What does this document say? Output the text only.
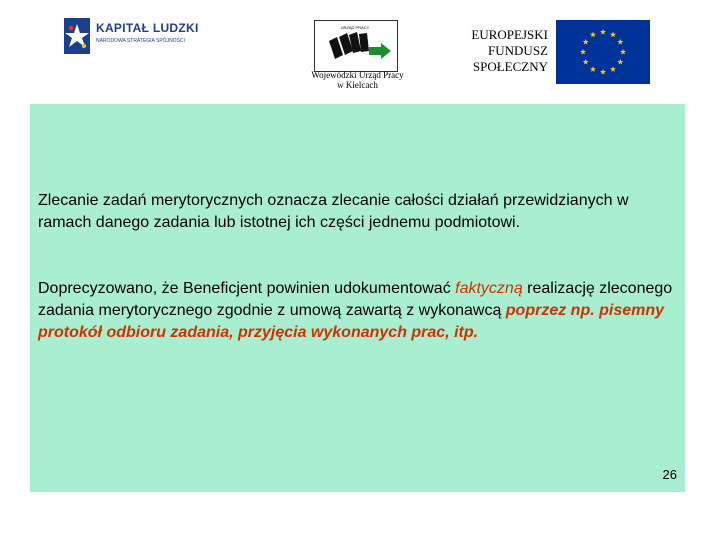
KAPITAŁ LUDZKI
NARODOWA STRATEGIA SPÓJNOŚCI
URZĄD PRACY
Wojewódzki Urząd Pracy
w Kielcach
EUROPEJSKI
FUNDUSZ
SPOŁECZNY

Zlecanie zadań merytorycznych oznacza zlecanie całości działań przewidzianych w ramach danego zadania lub istotnej ich części jednemu podmiotowi.

Doprecyzowano, że Beneficjent powinien udokumentować faktyczną realizację zleconego zadania merytorycznego zgodnie z umową zawartą z wykonawcą poprzez np. pisemny protokół odbioru zadania, przyjęcia wykonanych prac, itp.

26
